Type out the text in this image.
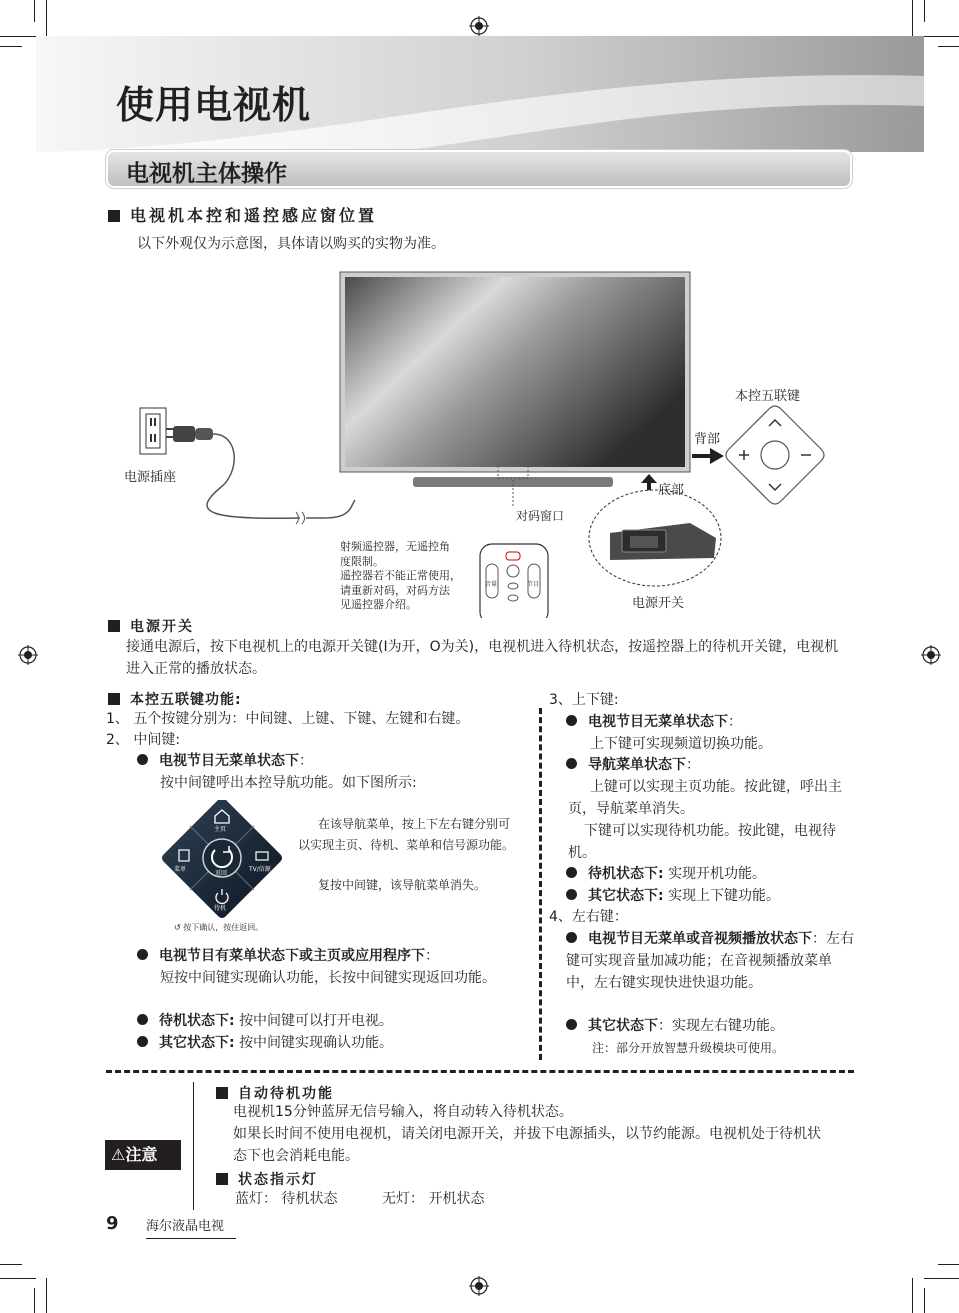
使用电视机
电视机主体操作
电视机本控和遥控感应窗位置
以下外观仅为示意图，具体请以购买的实物为准。
电源插座
本控五联键
背部
底部
对码窗口
电源开关
射频遥控器，无遥控角
度限制。
遥控器若不能正常使用，
请重新对码，对码方法
见遥控器介绍。
音量	节目
电源开关
接通电源后，按下电视机上的电源开关键(I为开，O为关)，电视机进入待机状态，按遥控器上的待机开关键，电视机进入正常的播放状态。
本控五联键功能:
1、 五个按键分别为：中间键、上键、下键、左键和右键。
2、 中间键:
电视节目无菜单状态下：
按中间键呼出本控导航功能。如下图所示:
主页
菜单
返回
TV/信源
待机
↺ 按下确认，按住返回。
在该导航菜单，按上下左右键分别可以实现主页、待机、菜单和信号源功能。
复按中间键，该导航菜单消失。
电视节目有菜单状态下或主页或应用程序下：
短按中间键实现确认功能，长按中间键实现返回功能。
待机状态下: 按中间键可以打开电视。
其它状态下: 按中间键实现确认功能。
3、上下键:
电视节目无菜单状态下：
上下键可实现频道切换功能。
导航菜单状态下：
上键可以实现主页功能。按此键，呼出主页，导航菜单消失。
下键可以实现待机功能。按此键，电视待机。
待机状态下: 实现开机功能。
其它状态下: 实现上下键功能。
4、左右键：
电视节目无菜单或音视频播放状态下：左右键可实现音量加减功能；在音视频播放菜单中，左右键实现快进快退功能。
其它状态下：实现左右键功能。
注：部分开放智慧升级模块可使用。
⚠注意
自动待机功能
电视机15分钟蓝屏无信号输入，将自动转入待机状态。
如果长时间不使用电视机，请关闭电源开关，并拔下电源插头，以节约能源。电视机处于待机状态下也会消耗电能。
状态指示灯
蓝灯： 待机状态	无灯： 开机状态
9 海尔液晶电视
